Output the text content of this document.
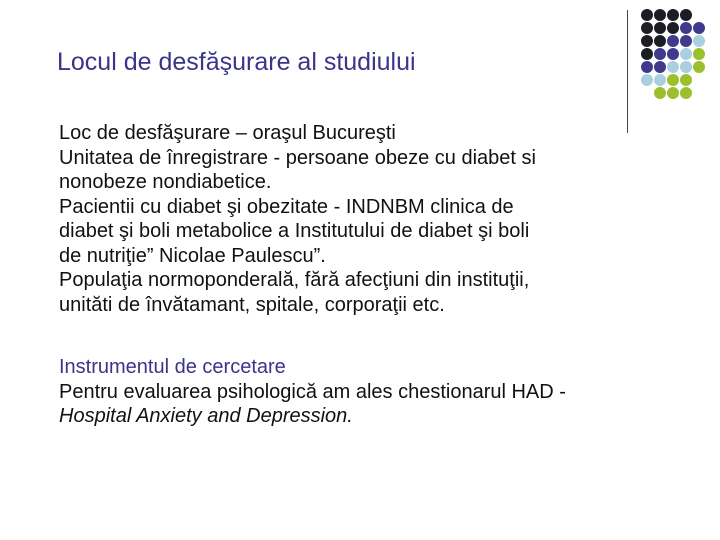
Locul de desfăşurare al studiului
Loc de desfăşurare – oraşul Bucureşti
Unitatea de înregistrare - persoane obeze cu diabet si
nonobeze nondiabetice.
Pacientii cu diabet şi obezitate - INDNBM clinica de
diabet şi boli metabolice a Institutului de diabet şi boli
de nutriţie” Nicolae Paulescu”.
Populaţia normoponderală, fără afecţiuni din instituţii,
unităti de învătamant, spitale, corporaţii etc.
Instrumentul de cercetare
Pentru evaluarea psihologică am ales chestionarul HAD -
Hospital Anxiety and Depression.
